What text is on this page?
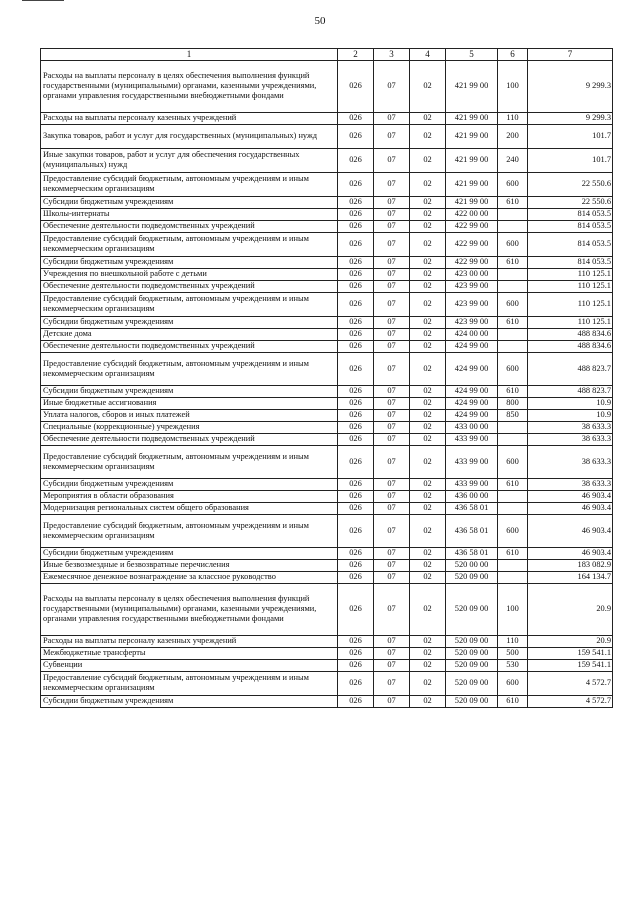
50
1	2	3	4	5	6	7
Расходы на выплаты персоналу в целях обеспечения выполнения функций государственными (муниципальными) органами, казенными учреждениями, органами управления государственными внебюджетными фондами	026	07	02	421 99 00	100	9 299.3
Расходы на выплаты персоналу казенных учреждений	026	07	02	421 99 00	110	9 299.3
Закупка товаров, работ и услуг для государственных (муниципальных) нужд	026	07	02	421 99 00	200	101.7
Иные закупки товаров, работ и услуг для обеспечения государственных (муниципальных) нужд	026	07	02	421 99 00	240	101.7
Предоставление субсидий бюджетным, автономным учреждениям и иным некоммерческим организациям	026	07	02	421 99 00	600	22 550.6
Субсидии бюджетным учреждениям	026	07	02	421 99 00	610	22 550.6
Школы-интернаты	026	07	02	422 00 00		814 053.5
Обеспечение деятельности подведомственных учреждений	026	07	02	422 99 00		814 053.5
Предоставление субсидий бюджетным, автономным учреждениям и иным некоммерческим организациям	026	07	02	422 99 00	600	814 053.5
Субсидии бюджетным учреждениям	026	07	02	422 99 00	610	814 053.5
Учреждения по внешкольной работе с детьми	026	07	02	423 00 00		110 125.1
Обеспечение деятельности подведомственных учреждений	026	07	02	423 99 00		110 125.1
Предоставление субсидий бюджетным, автономным учреждениям и иным некоммерческим организациям	026	07	02	423 99 00	600	110 125.1
Субсидии бюджетным учреждениям	026	07	02	423 99 00	610	110 125.1
Детские дома	026	07	02	424 00 00		488 834.6
Обеспечение деятельности подведомственных учреждений	026	07	02	424 99 00		488 834.6
Предоставление субсидий бюджетным, автономным учреждениям и иным некоммерческим организациям	026	07	02	424 99 00	600	488 823.7
Субсидии бюджетным учреждениям	026	07	02	424 99 00	610	488 823.7
Иные бюджетные ассигнования	026	07	02	424 99 00	800	10.9
Уплата налогов, сборов и иных платежей	026	07	02	424 99 00	850	10.9
Специальные (коррекционные) учреждения	026	07	02	433 00 00		38 633.3
Обеспечение деятельности подведомственных учреждений	026	07	02	433 99 00		38 633.3
Предоставление субсидий бюджетным, автономным учреждениям и иным некоммерческим организациям	026	07	02	433 99 00	600	38 633.3
Субсидии бюджетным учреждениям	026	07	02	433 99 00	610	38 633.3
Мероприятия в области образования	026	07	02	436 00 00		46 903.4
Модернизация региональных систем общего образования	026	07	02	436 58 01		46 903.4
Предоставление субсидий бюджетным, автономным учреждениям и иным некоммерческим организациям	026	07	02	436 58 01	600	46 903.4
Субсидии бюджетным учреждениям	026	07	02	436 58 01	610	46 903.4
Иные безвозмездные и безвозвратные перечисления	026	07	02	520 00 00		183 082.9
Ежемесячное денежное вознаграждение за классное руководство	026	07	02	520 09 00		164 134.7
Расходы на выплаты персоналу в целях обеспечения выполнения функций государственными (муниципальными) органами, казенными учреждениями, органами управления государственными внебюджетными фондами	026	07	02	520 09 00	100	20.9
Расходы на выплаты персоналу казенных учреждений	026	07	02	520 09 00	110	20.9
Межбюджетные трансферты	026	07	02	520 09 00	500	159 541.1
Субвенции	026	07	02	520 09 00	530	159 541.1
Предоставление субсидий бюджетным, автономным учреждениям и иным некоммерческим организациям	026	07	02	520 09 00	600	4 572.7
Субсидии бюджетным учреждениям	026	07	02	520 09 00	610	4 572.7
